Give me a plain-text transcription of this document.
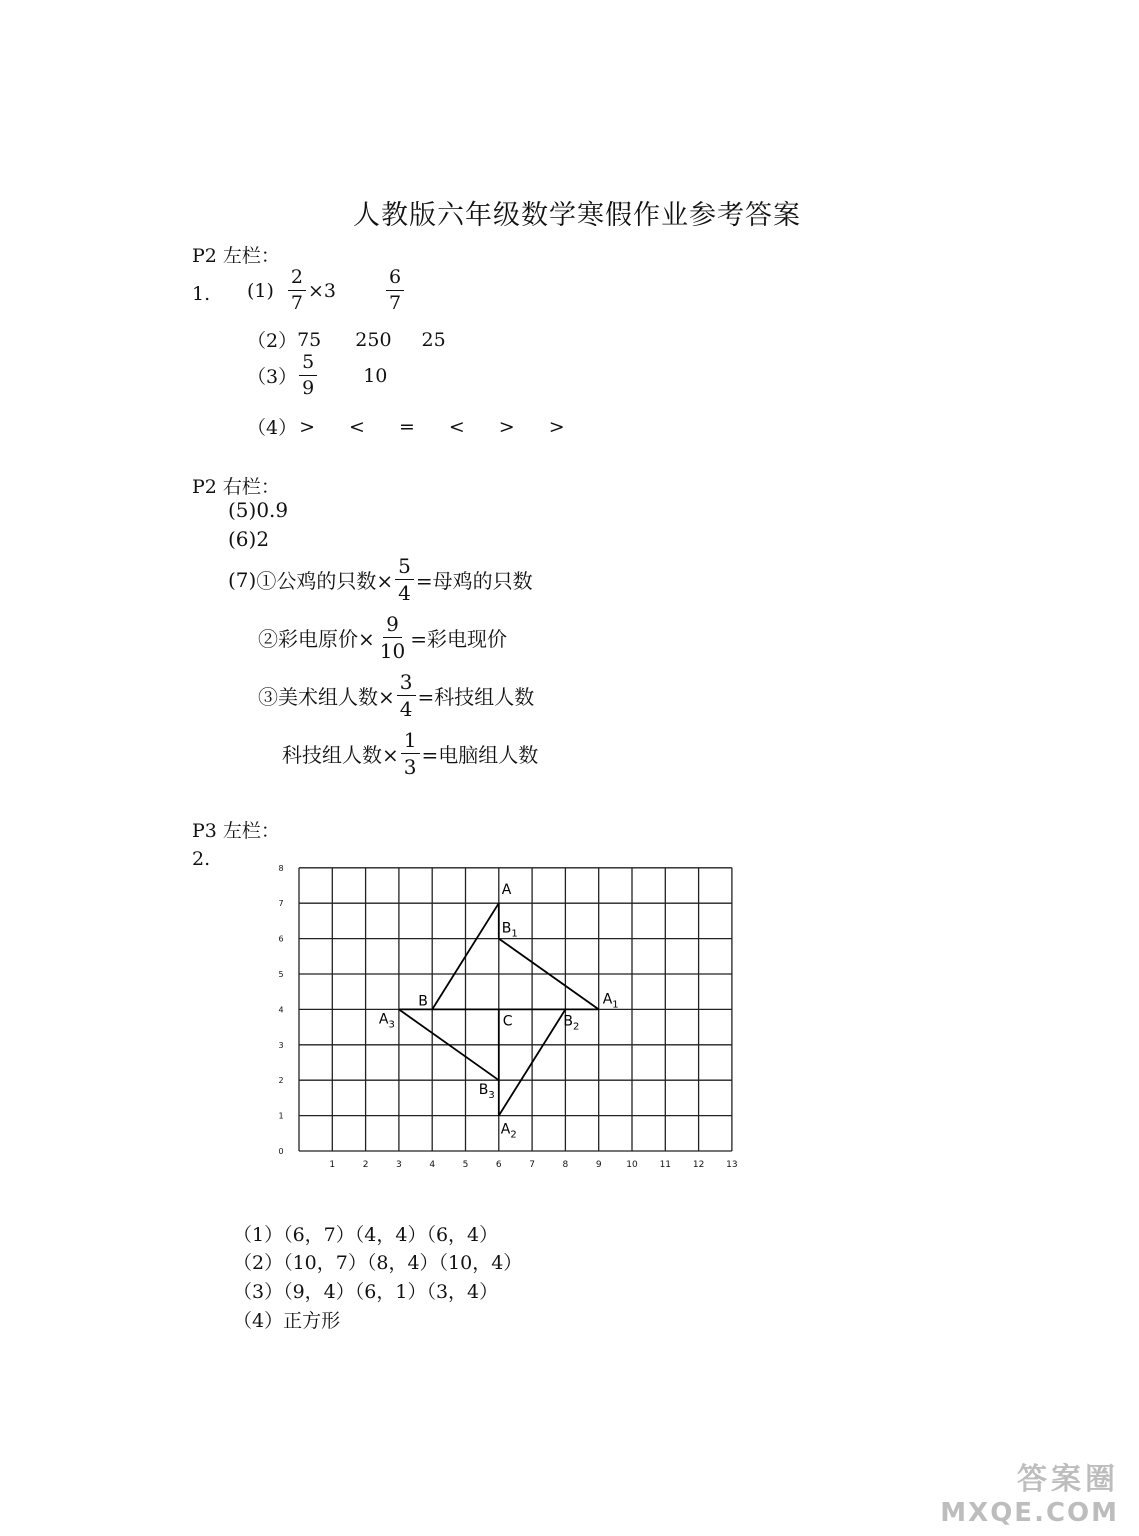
人教版六年级数学寒假作业参考答案
P2 左栏：
1. $(1) \frac{2}{7} \times 3$	$\frac{6}{7}$
（2） 75 250 25
$(3) \frac{5}{9} 10$
（4） > < = < > >
P2 右栏：
(5)0.9
(6)2
(7) ①公鸡的只数× $\frac{5}{4}$ =母鸡的只数
②彩电原价× $\frac{9}{10}$ =彩电现价
③美术组人数× $\frac{3}{4}$ =科技组人数
科技组人数× $\frac{1}{3}$ =电脑组人数
P3 左栏：
2.
1	2	3	4	5	6	7	8	9	10 11 12 13
0
1
2
3
4
5
6
7
8
A
$B_1$
$A_1$
B
$A_3$	C	$B_2$
$B_3$
$A_2$
（1）（6，7）（4，4）（6，4）
（2）（10，7）（8，4）（10，4）
（3）（9，4）（6，1）（3，4）
（4）正方形
答案圈
MXQE.COM
